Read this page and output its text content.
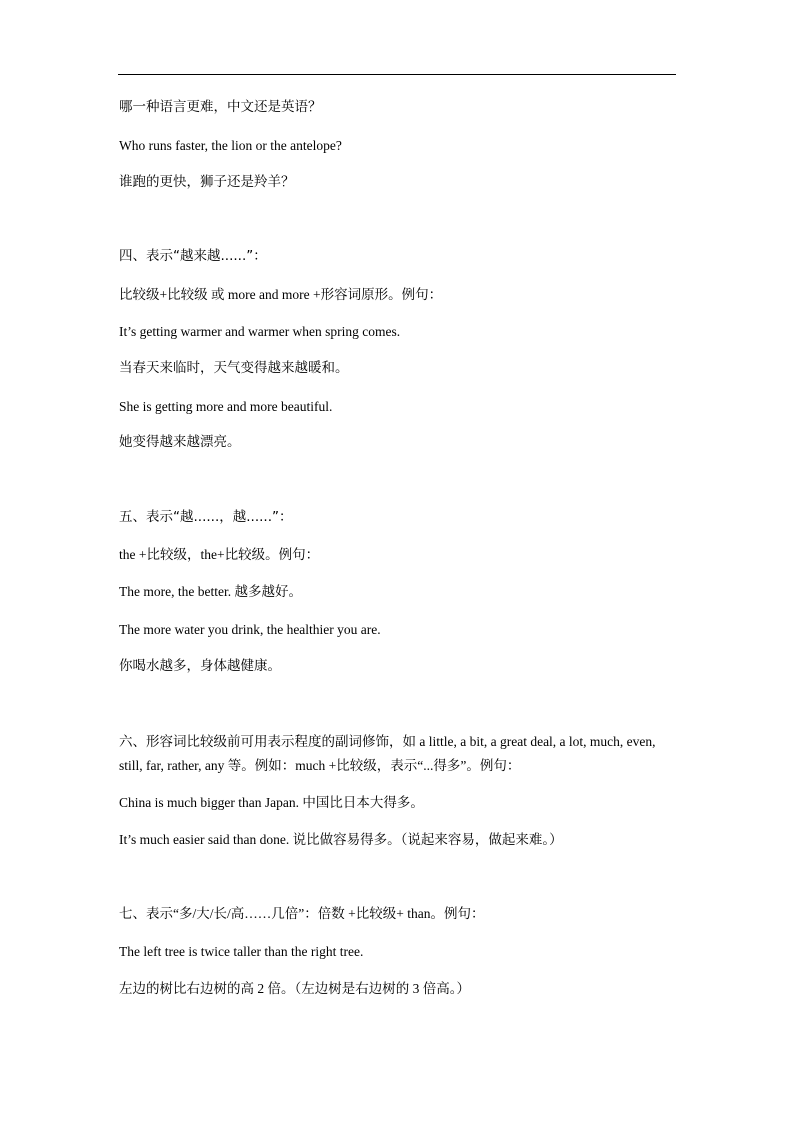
哪一种语言更难，中文还是英语？
Who runs faster, the lion or the antelope?
谁跑的更快，狮子还是羚羊？
四、表示“越来越......”：
比较级+比较级 或 more and more +形容词原形。例句：
It’s getting warmer and warmer when spring comes.
当春天来临时，天气变得越来越暖和。
She is getting more and more beautiful.
她变得越来越漂亮。
五、表示“越......，越......”：
the +比较级，the+比较级。例句：
The more, the better. 越多越好。
The more water you drink, the healthier you are.
你喝水越多，身体越健康。
六、形容词比较级前可用表示程度的副词修饰，如 a little, a bit, a great deal, a lot, much, even,
still, far, rather, any 等。例如：much +比较级，表示“...得多”。例句：
China is much bigger than Japan. 中国比日本大得多。
It’s much easier said than done. 说比做容易得多。（说起来容易，做起来难。）
七、表示“多/大/长/高……几倍”：倍数 +比较级+ than。例句：
The left tree is twice taller than the right tree.
左边的树比右边树的高 2 倍。（左边树是右边树的 3 倍高。）
